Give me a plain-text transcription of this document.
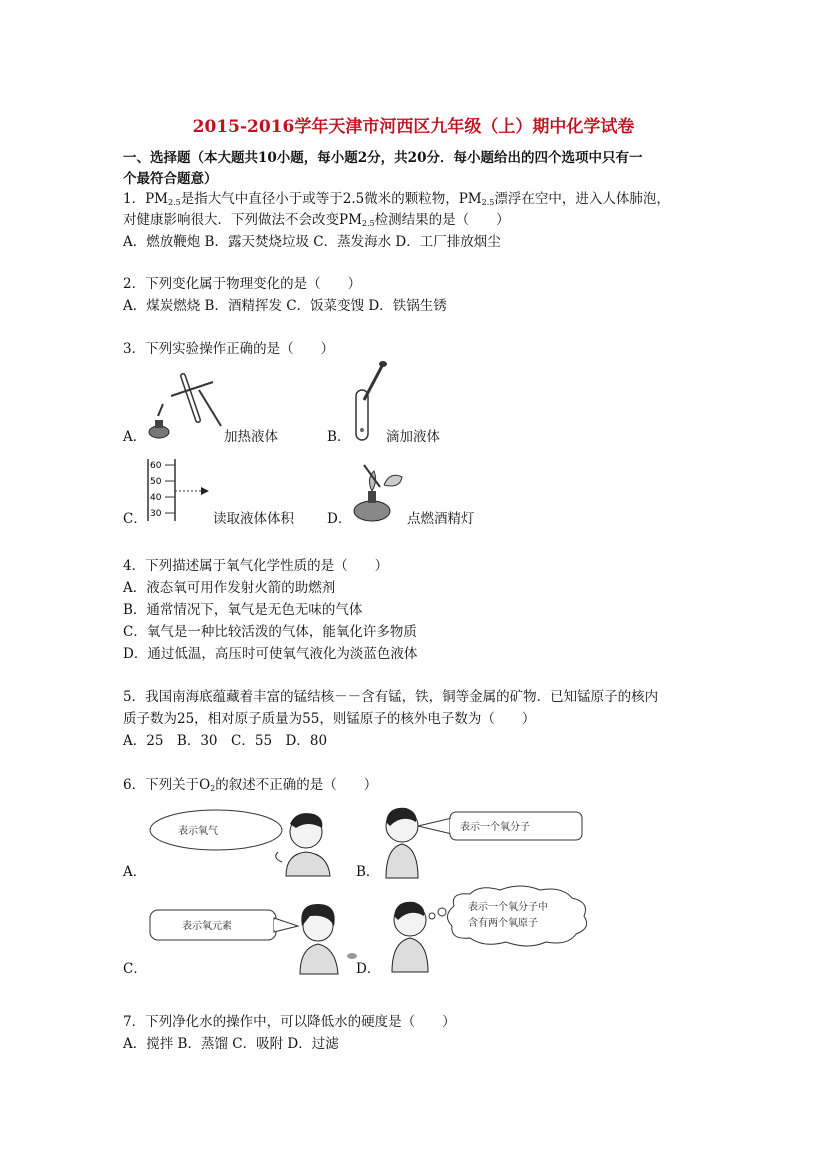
2015-2016学年天津市河西区九年级（上）期中化学试卷
一、选择题（本大题共10小题，每小题2分，共20分．每小题给出的四个选项中只有一
个最符合题意）
1．$PM_{2.5}$是指大气中直径小于或等于2.5微米的颗粒物，$PM_{2.5}$漂浮在空中，进入人体肺泡，
对健康影响很大．下列做法不会改变$PM_{2.5}$检测结果的是（　　）
A．燃放鞭炮 B．露天焚烧垃圾 C．蒸发海水 D．工厂排放烟尘
2．下列变化属于物理变化的是（　　）
A．煤炭燃烧 B．酒精挥发 C．饭菜变馊 D．铁锅生锈
3．下列实验操作正确的是（　　）
A．	加热液体	B．	滴加液体
C．
60
50
40
30	读取液体体积 D．	点燃酒精灯
4．下列描述属于氧气化学性质的是（　　）
A．液态氧可用作发射火箭的助燃剂
B．通常情况下，氧气是无色无味的气体
C．氧气是一种比较活泼的气体，能氧化许多物质
D．通过低温，高压时可使氧气液化为淡蓝色液体
5．我国南海底蕴藏着丰富的锰结核－－含有锰，铁，铜等金属的矿物．已知锰原子的核内
质子数为25，相对原子质量为55，则锰原子的核外电子数为（　　）
A．25　B．30　C．55　D．80
6．下列关于$O_2$的叙述不正确的是（　　）
A．
表示氧气
B．
表示一个氧分子
C．
表示氧元素
D．
表示一个氧分子中
含有两个氧原子
7．下列净化水的操作中，可以降低水的硬度是（　　）
A．搅拌 B．蒸馏 C．吸附 D．过滤
